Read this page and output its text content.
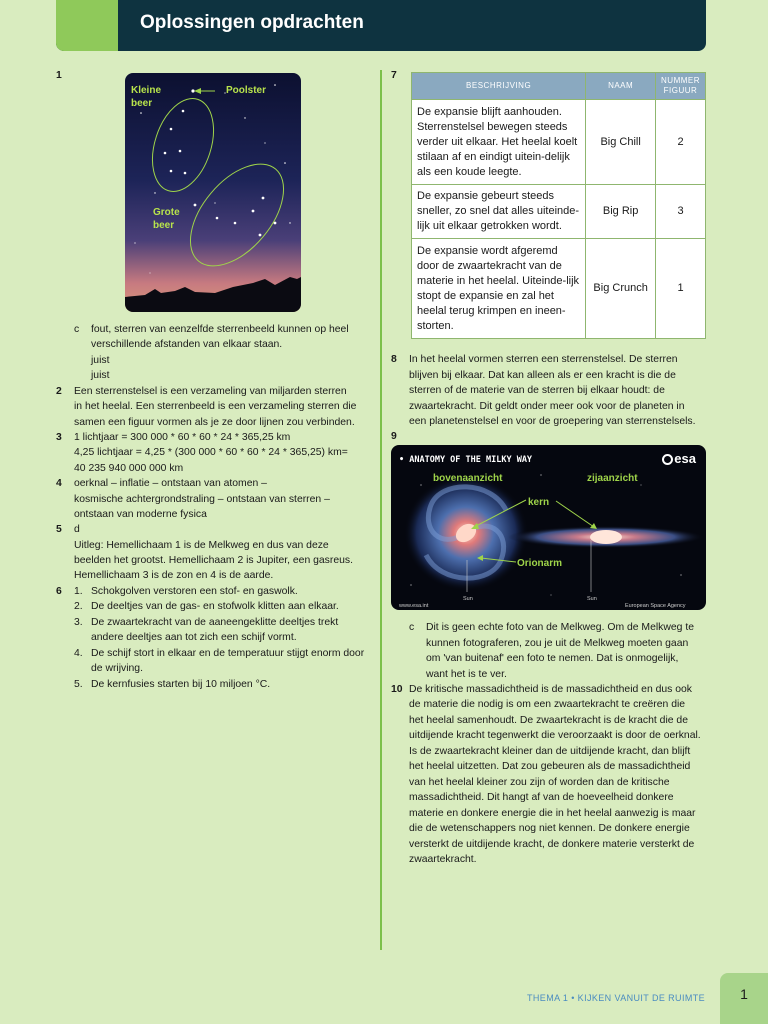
Oplossingen opdrachten
1
Kleine
beer
Poolster
Grote
beer
c fout, sterren van eenzelfde sterrenbeeld kunnen op heel
verschillende afstanden van elkaar staan.
juist
juist
2 Een sterrenstelsel is een verzameling van miljarden sterren
in het heelal. Een sterrenbeeld is een verzameling sterren die
samen een figuur vormen als je ze door lijnen zou verbinden.
3 1 lichtjaar = 300 000 * 60 * 60 * 24 * 365,25 km
4,25 lichtjaar = 4,25 * (300 000 * 60 * 60 * 24 * 365,25) km=
40 235 940 000 000 km
4 oerknal – inflatie – ontstaan van atomen –
kosmische achtergrondstraling – ontstaan van sterren –
ontstaan van moderne fysica
5 d
Uitleg: Hemellichaam 1 is de Melkweg en dus van deze
beelden het grootst. Hemellichaam 2 is Jupiter, een gasreus.
Hemellichaam 3 is de zon en 4 is de aarde.
6 1. Schokgolven verstoren een stof- en gaswolk.
2. De deeltjes van de gas- en stofwolk klitten aan elkaar.
3. De zwaartekracht van de aaneengeklitte deeltjes trekt
andere deeltjes aan tot zich een schijf vormt.
4. De schijf stort in elkaar en de temperatuur stijgt enorm door
de wrijving.
5. De kernfusies starten bij 10 miljoen °C.
7
BESCHRIJVING	NAAM	NUMMER FIGUUR
De expansie blijft aanhouden. Sterrenstelsel bewegen steeds verder uit elkaar. Het heelal koelt stilaan af en eindigt uitein-delijk als een koude leegte.	Big Chill	2
De expansie gebeurt steeds sneller, zo snel dat alles uiteinde-lijk uit elkaar getrokken wordt.	Big Rip	3
De expansie wordt afgeremd door de zwaartekracht van de materie in het heelal. Uiteinde-lijk stopt de expansie en zal het heelal terug krimpen en ineen-storten.	Big Crunch	1
8 In het heelal vormen sterren een sterrenstelsel. De sterren
blijven bij elkaar. Dat kan alleen als er een kracht is die de
sterren of de materie van de sterren bij elkaar houdt: de
zwaartekracht. Dit geldt onder meer ook voor de planeten in
een planetenstelsel en voor de groepering van sterrenstelsels.
9
• ANATOMY OF THE MILKY WAY	esa
bovenaanzicht	zijaanzicht
kern
Orionarm
Sun	Sun
www.esa.int	European Space Agency
c Dit is geen echte foto van de Melkweg. Om de Melkweg te
kunnen fotograferen, zou je uit de Melkweg moeten gaan
om 'van buitenaf' een foto te nemen. Dat is onmogelijk,
want het is te ver.
10 De kritische massadichtheid is de massadichtheid en dus ook
de materie die nodig is om een zwaartekracht te creëren die
het heelal samenhoudt. De zwaartekracht is de kracht die de
uitdijende kracht tegenwerkt die veroorzaakt is door de oerknal.
Is de zwaartekracht kleiner dan de uitdijende kracht, dan blijft
het heelal uitzetten. Dat zou gebeuren als de massadichtheid
van het heelal kleiner zou zijn of worden dan de kritische
massadichtheid. Dit hangt af van de hoeveelheid donkere
materie en donkere energie die in het heelal aanwezig is maar
die de wetenschappers nog niet kennen. De donkere energie
versterkt de uitdijende kracht, de donkere materie versterkt de
zwaartekracht.
THEMA 1 • KIJKEN VANUIT DE RUIMTE	1
